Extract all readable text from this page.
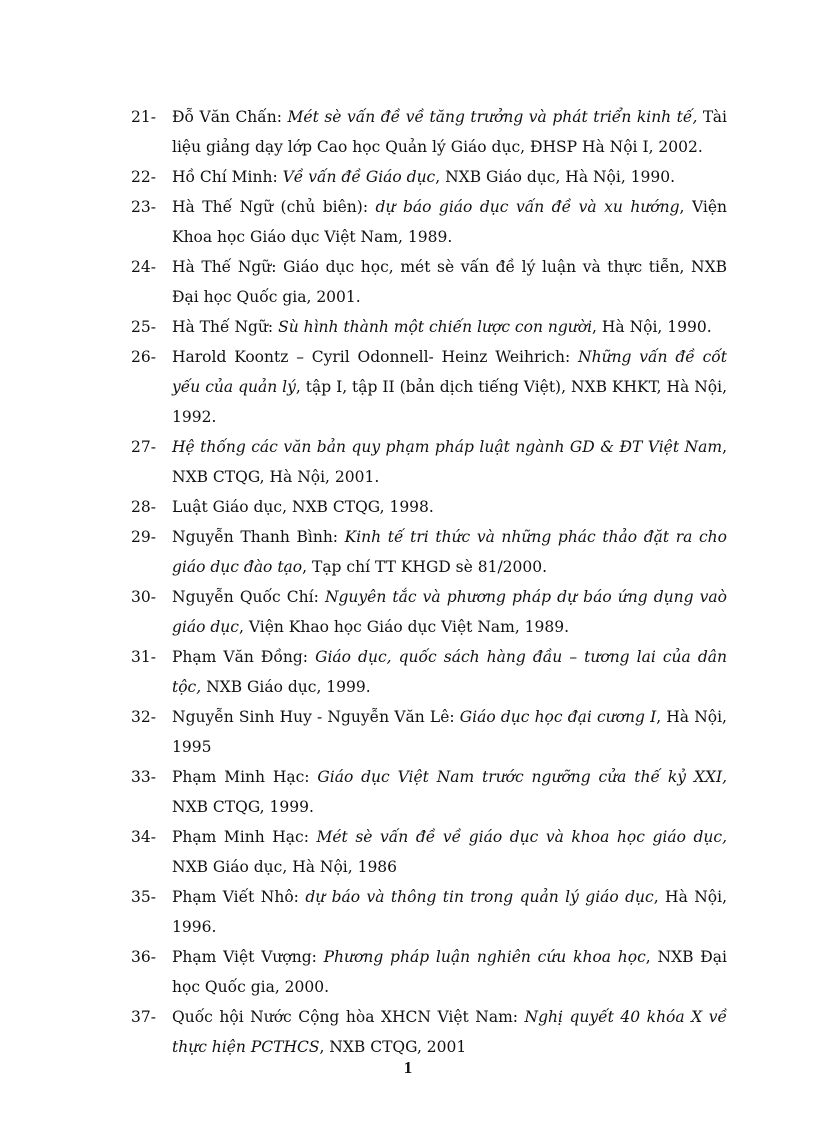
21-	Đỗ Văn Chấn: Mét sè vấn đề về tăng trưởng và phát triển kinh tế, Tài liệu giảng dạy lớp Cao học Quản lý Giáo dục, ĐHSP Hà Nội I, 2002.
22-	Hồ Chí Minh: Về vấn đề Giáo dục, NXB Giáo dục, Hà Nội, 1990.
23-	Hà Thế Ngữ (chủ biên): dự báo giáo dục vấn đề và xu hướng, Viện Khoa học Giáo dục Việt Nam, 1989.
24-	Hà Thế Ngữ: Giáo dục học, mét sè vấn đề lý luận và thực tiễn, NXB Đại học Quốc gia, 2001.
25-	Hà Thế Ngữ: Sù hình thành một chiến lược con người, Hà Nội, 1990.
26-	Harold Koontz – Cyril Odonnell- Heinz Weihrich: Những vấn đề cốt yếu của quản lý, tập I, tập II (bản dịch tiếng Việt), NXB KHKT, Hà Nội, 1992.
27-	Hệ thống các văn bản quy phạm pháp luật ngành GD & ĐT Việt Nam, NXB CTQG, Hà Nội, 2001.
28-	Luật Giáo dục, NXB CTQG, 1998.
29-	Nguyễn Thanh Bình: Kinh tế tri thức và những phác thảo đặt ra cho giáo dục đào tạo, Tạp chí TT KHGD sè 81/2000.
30-	Nguyễn Quốc Chí: Nguyên tắc và phương pháp dự báo ứng dụng vaò giáo dục, Viện Khao học Giáo dục Việt Nam, 1989.
31-	Phạm Văn Đồng: Giáo dục, quốc sách hàng đầu – tương lai của dân tộc, NXB Giáo dục, 1999.
32-	Nguyễn Sinh Huy - Nguyễn Văn Lê: Giáo dục học đại cương I, Hà Nội, 1995
33-	Phạm Minh Hạc: Giáo dục Việt Nam trước ngưỡng cửa thế kỷ XXI, NXB CTQG, 1999.
34-	Phạm Minh Hạc: Mét sè vấn đề về giáo dục và khoa học giáo dục, NXB Giáo dục, Hà Nội, 1986
35-	Phạm Viết Nhô: dự báo và thông tin trong quản lý giáo dục, Hà Nội, 1996.
36-	Phạm Việt Vượng: Phương pháp luận nghiên cứu khoa học, NXB Đại học Quốc gia, 2000.
37-	Quốc hội Nước Cộng hòa XHCN Việt Nam: Nghị quyết 40 khóa X về thực hiện PCTHCS, NXB CTQG, 2001
1
